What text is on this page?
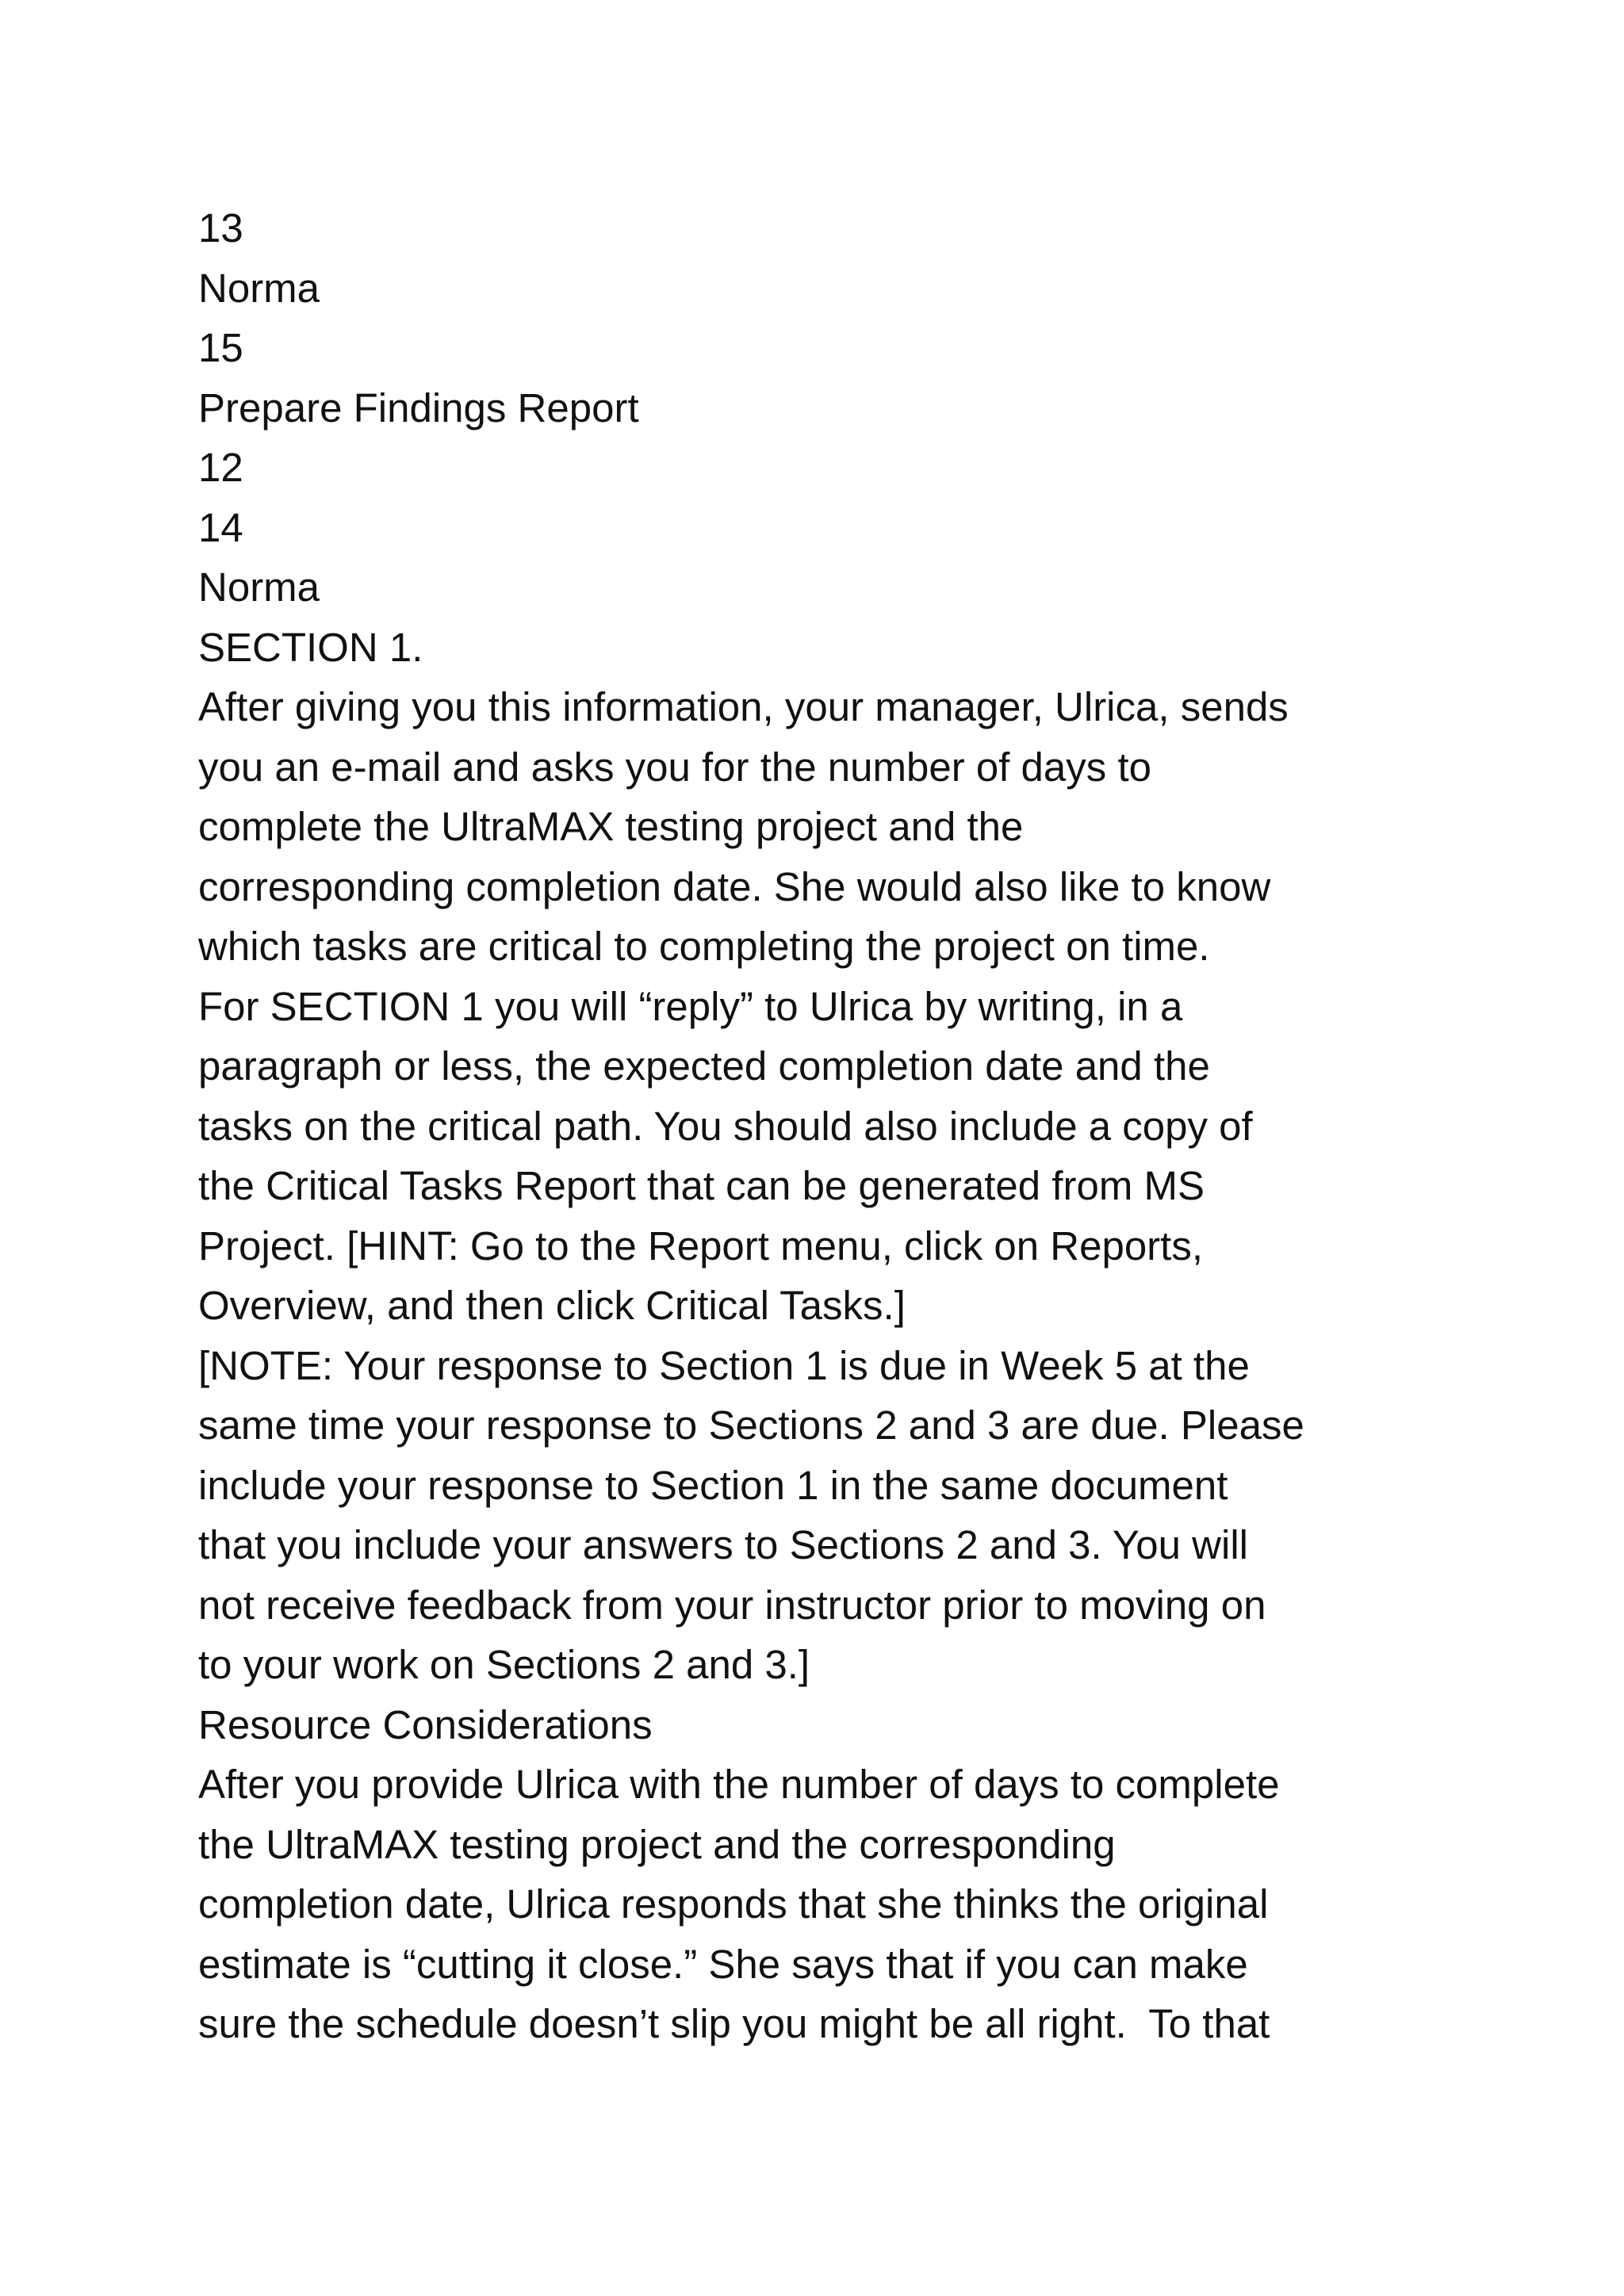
13
Norma
15
Prepare Findings Report
12
14
Norma
SECTION 1.
After giving you this information, your manager, Ulrica, sends
you an e-mail and asks you for the number of days to
complete the UltraMAX testing project and the
corresponding completion date. She would also like to know
which tasks are critical to completing the project on time.
For SECTION 1 you will “reply” to Ulrica by writing, in a
paragraph or less, the expected completion date and the
tasks on the critical path. You should also include a copy of
the Critical Tasks Report that can be generated from MS
Project. [HINT: Go to the Report menu, click on Reports,
Overview, and then click Critical Tasks.]
[NOTE: Your response to Section 1 is due in Week 5 at the
same time your response to Sections 2 and 3 are due. Please
include your response to Section 1 in the same document
that you include your answers to Sections 2 and 3. You will
not receive feedback from your instructor prior to moving on
to your work on Sections 2 and 3.]
Resource Considerations
After you provide Ulrica with the number of days to complete
the UltraMAX testing project and the corresponding
completion date, Ulrica responds that she thinks the original
estimate is “cutting it close.” She says that if you can make
sure the schedule doesn’t slip you might be all right.  To that
